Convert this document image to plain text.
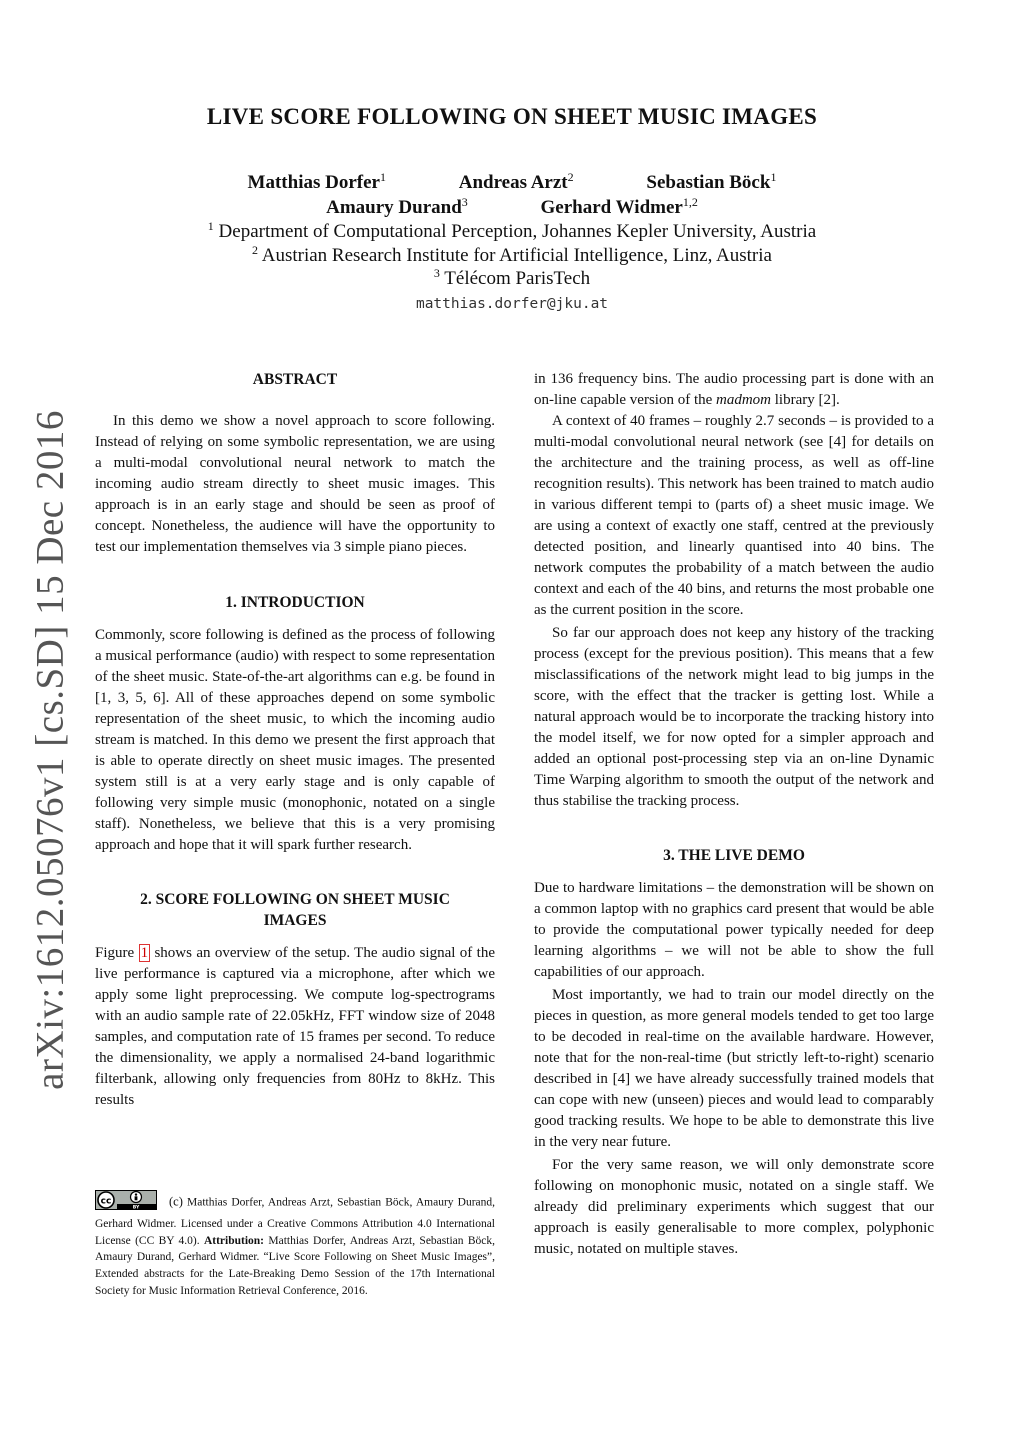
arXiv:1612.05076v1 [cs.SD] 15 Dec 2016
LIVE SCORE FOLLOWING ON SHEET MUSIC IMAGES
Matthias Dorfer$^1$	Andreas Arzt$^2$	Sebastian Böck$^1$
Amaury Durand$^3$	Gerhard Widmer$^{1,2}$
$^1$ Department of Computational Perception, Johannes Kepler University, Austria
$^2$ Austrian Research Institute for Artificial Intelligence, Linz, Austria
$^3$ Télécom ParisTech
matthias.dorfer@jku.at
ABSTRACT

In this demo we show a novel approach to score following. Instead of relying on some symbolic representation, we are using a multi-modal convolutional neural network to match the incoming audio stream directly to sheet music images. This approach is in an early stage and should be seen as proof of concept. Nonetheless, the audience will have the opportunity to test our implementation themselves via 3 simple piano pieces.

1. INTRODUCTION

Commonly, score following is defined as the process of following a musical performance (audio) with respect to some representation of the sheet music. State-of-the-art algorithms can e.g. be found in [1, 3, 5, 6]. All of these approaches depend on some symbolic representation of the sheet music, to which the incoming audio stream is matched. In this demo we present the first approach that is able to operate directly on sheet music images. The presented system still is at a very early stage and is only capable of following very simple music (monophonic, notated on a single staff). Nonetheless, we believe that this is a very promising approach and hope that it will spark further research.

2. SCORE FOLLOWING ON SHEET MUSIC
IMAGES

Figure 1 shows an overview of the setup. The audio signal of the live performance is captured via a microphone, after which we apply some light preprocessing. We compute log-spectrograms with an audio sample rate of 22.05kHz, FFT window size of 2048 samples, and computation rate of 15 frames per second. To reduce the dimensionality, we apply a normalised 24-band logarithmic filterbank, allowing only frequencies from 80Hz to 8kHz. This results

cc
BY (c) Matthias Dorfer, Andreas Arzt, Sebastian Böck, Amaury Durand, Gerhard Widmer. Licensed under a Creative Commons Attribution 4.0 International License (CC BY 4.0). Attribution: Matthias Dorfer, Andreas Arzt, Sebastian Böck, Amaury Durand, Gerhard Widmer. “Live Score Following on Sheet Music Images”, Extended abstracts for the Late-Breaking Demo Session of the 17th International Society for Music Information Retrieval Conference, 2016.

in 136 frequency bins. The audio processing part is done with an on-line capable version of the madmom library [2].

A context of 40 frames – roughly 2.7 seconds – is provided to a multi-modal convolutional neural network (see [4] for details on the architecture and the training process, as well as off-line recognition results). This network has been trained to match audio in various different tempi to (parts of) a sheet music image. We are using a context of exactly one staff, centred at the previously detected position, and linearly quantised into 40 bins. The network computes the probability of a match between the audio context and each of the 40 bins, and returns the most probable one as the current position in the score.

So far our approach does not keep any history of the tracking process (except for the previous position). This means that a few misclassifications of the network might lead to big jumps in the score, with the effect that the tracker is getting lost. While a natural approach would be to incorporate the tracking history into the model itself, we for now opted for a simpler approach and added an optional post-processing step via an on-line Dynamic Time Warping algorithm to smooth the output of the network and thus stabilise the tracking process.

3. THE LIVE DEMO

Due to hardware limitations – the demonstration will be shown on a common laptop with no graphics card present that would be able to provide the computational power typically needed for deep learning algorithms – we will not be able to show the full capabilities of our approach.

Most importantly, we had to train our model directly on the pieces in question, as more general models tended to get too large to be decoded in real-time on the available hardware. However, note that for the non-real-time (but strictly left-to-right) scenario described in [4] we have already successfully trained models that can cope with new (unseen) pieces and would lead to comparably good tracking results. We hope to be able to demonstrate this live in the very near future.

For the very same reason, we will only demonstrate score following on monophonic music, notated on a single staff. We already did preliminary experiments which suggest that our approach is easily generalisable to more complex, polyphonic music, notated on multiple staves.
